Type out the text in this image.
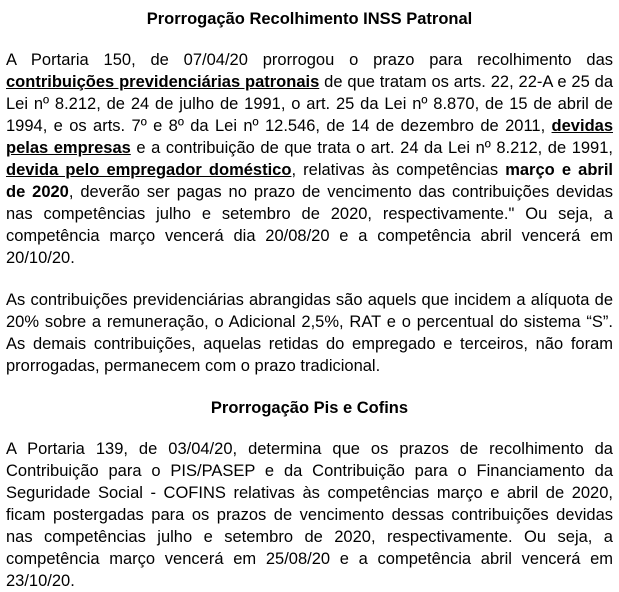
Prorrogação Recolhimento INSS Patronal

A Portaria 150, de 07/04/20 prorrogou o prazo para recolhimento das contribuições previdenciárias patronais de que tratam os arts. 22, 22-A e 25 da Lei nº 8.212, de 24 de julho de 1991, o art. 25 da Lei nº 8.870, de 15 de abril de 1994, e os arts. 7º e 8º da Lei nº 12.546, de 14 de dezembro de 2011, devidas pelas empresas e a contribuição de que trata o art. 24 da Lei nº 8.212, de 1991, devida pelo empregador doméstico, relativas às competências março e abril de 2020, deverão ser pagas no prazo de vencimento das contribuições devidas nas competências julho e setembro de 2020, respectivamente." Ou seja, a competência março vencerá dia 20/08/20 e a competência abril vencerá em 20/10/20.

As contribuições previdenciárias abrangidas são aquels que incidem a alíquota de 20% sobre a remuneração, o Adicional 2,5%, RAT e o percentual do sistema “S”. As demais contribuições, aquelas retidas do empregado e terceiros, não foram prorrogadas, permanecem com o prazo tradicional.

Prorrogação Pis e Cofins

A Portaria 139, de 03/04/20, determina que os prazos de recolhimento da Contribuição para o PIS/PASEP e da Contribuição para o Financiamento da Seguridade Social - COFINS relativas às competências março e abril de 2020, ficam postergadas para os prazos de vencimento dessas contribuições devidas nas competências julho e setembro de 2020, respectivamente. Ou seja, a competência março vencerá em 25/08/20 e a competência abril vencerá em 23/10/20.
